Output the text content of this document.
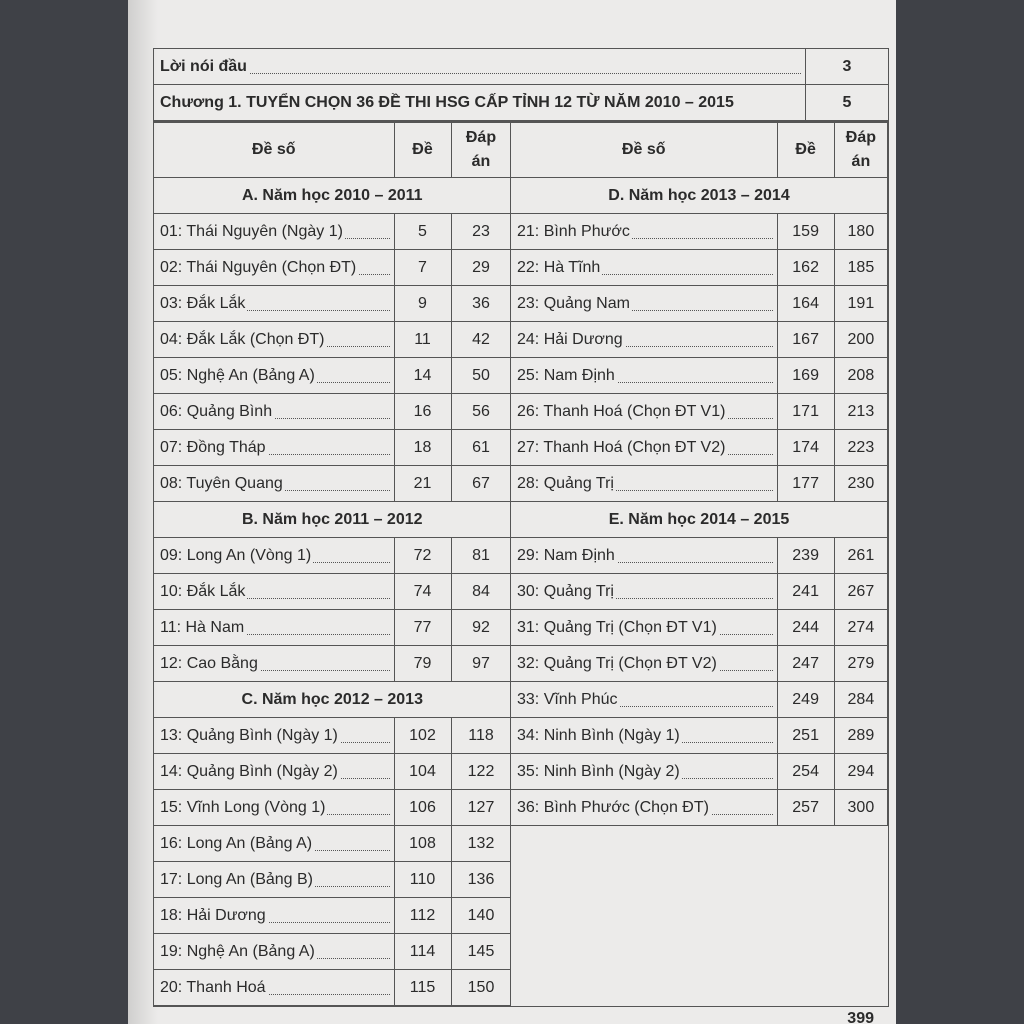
Lời nói đầu	3
Chương 1. TUYỂN CHỌN 36 ĐỀ THI HSG CẤP TỈNH 12 TỪ NĂM 2010 – 2015	5
Đề số	Đề	Đáp án
A. Năm học 2010 – 2011
01: Thái Nguyên (Ngày 1)	5	23
02: Thái Nguyên (Chọn ĐT)	7	29
03: Đắk Lắk	9	36
04: Đắk Lắk (Chọn ĐT)	11	42
05: Nghệ An (Bảng A)	14	50
06: Quảng Bình	16	56
07: Đồng Tháp	18	61
08: Tuyên Quang	21	67
B. Năm học 2011 – 2012
09: Long An (Vòng 1)	72	81
10: Đắk Lắk	74	84
11: Hà Nam	77	92
12: Cao Bằng	79	97
C. Năm học 2012 – 2013
13: Quảng Bình (Ngày 1)	102	118
14: Quảng Bình (Ngày 2)	104	122
15: Vĩnh Long (Vòng 1)	106	127
16: Long An (Bảng A)	108	132
17: Long An (Bảng B)	110	136
18: Hải Dương	112	140
19: Nghệ An (Bảng A)	114	145
20: Thanh Hoá	115	150

Đề số	Đề	Đáp án
D. Năm học 2013 – 2014
21: Bình Phước	159	180
22: Hà Tĩnh	162	185
23: Quảng Nam	164	191
24: Hải Dương	167	200
25: Nam Định	169	208
26: Thanh Hoá (Chọn ĐT V1)	171	213
27: Thanh Hoá (Chọn ĐT V2)	174	223
28: Quảng Trị	177	230
E. Năm học 2014 – 2015
29: Nam Định	239	261
30: Quảng Trị	241	267
31: Quảng Trị (Chọn ĐT V1)	244	274
32: Quảng Trị (Chọn ĐT V2)	247	279
33: Vĩnh Phúc	249	284
34: Ninh Bình (Ngày 1)	251	289
35: Ninh Bình (Ngày 2)	254	294
36: Bình Phước (Chọn ĐT)	257	300
399
